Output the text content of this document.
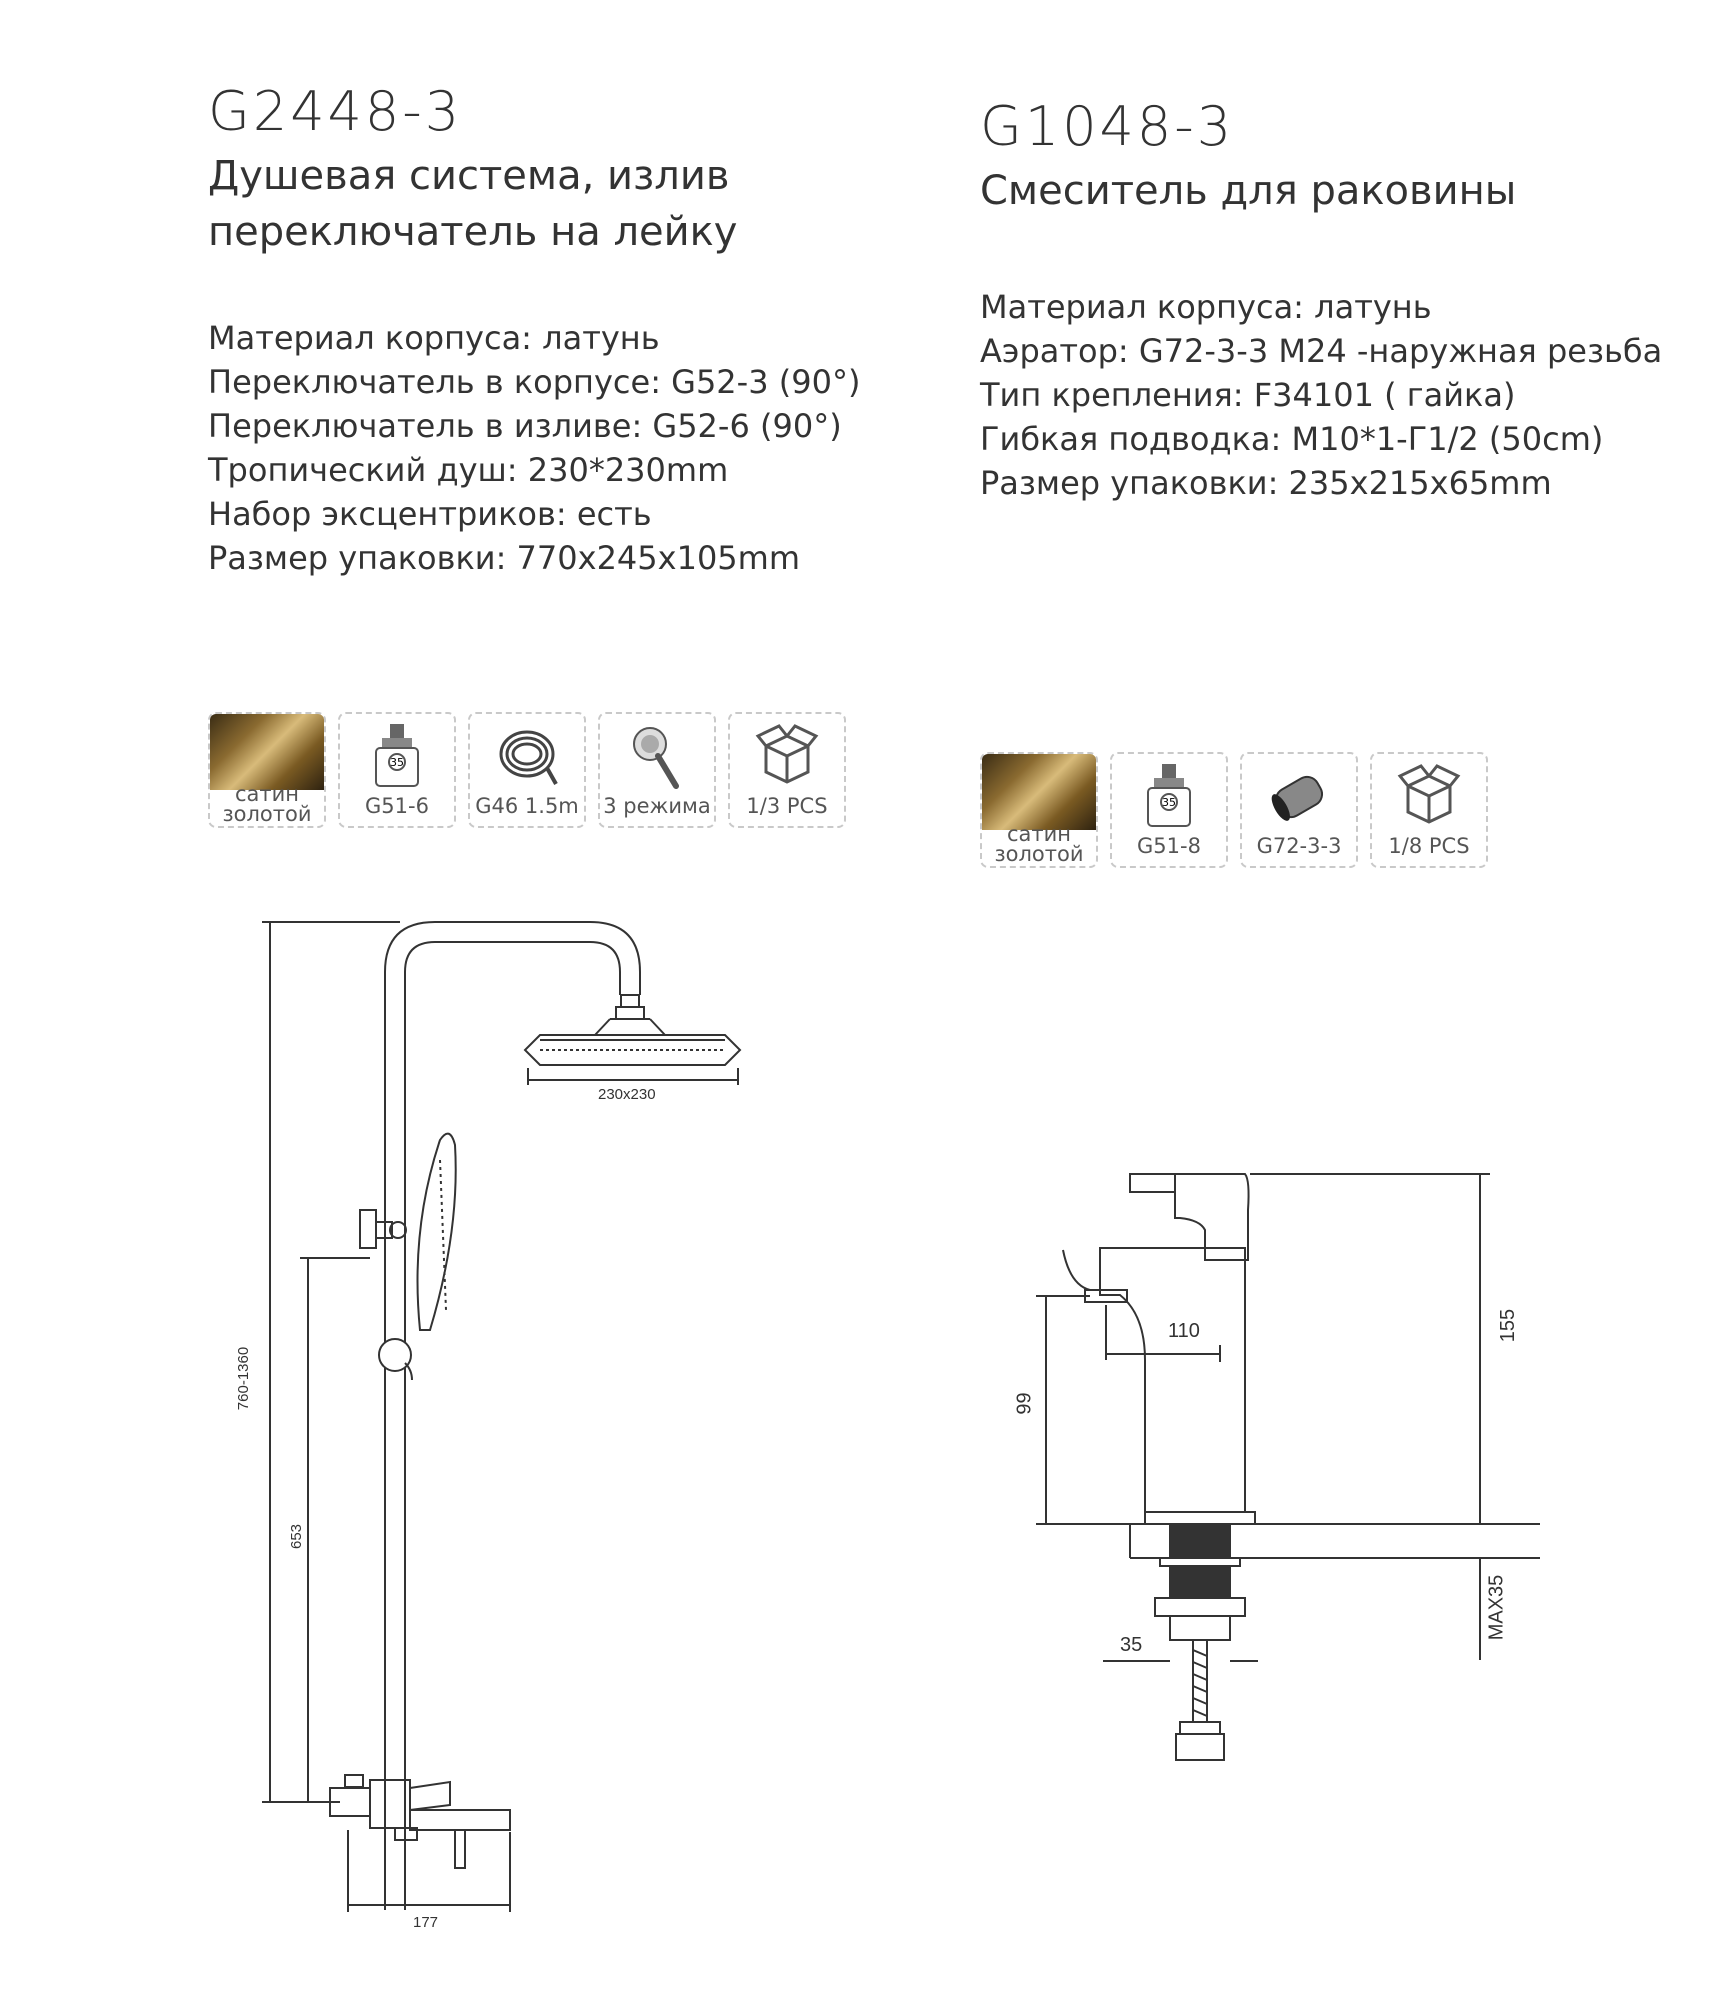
G2448-3
Душевая система, излив
переключатель на лейку
Материал корпуса: латунь
Переключатель в корпусе: G52-3 (90°)
Переключатель в изливе: G52-6 (90°)
Тропический душ: 230*230mm
Набор эксцентриков: есть
Размер упаковки: 770x245x105mm
G1048-3
Смеситель для раковины
Материал корпуса: латунь
Аэратор: G72-3-3 M24 -наружная резьба
Тип крепления: F34101 ( гайка)
Гибкая подводка: M10*1-Г1/2 (50cm)
Размер упаковки: 235x215x65mm
сатин золотой
35
G51-6	G46 1.5m 3 режима	1/3 PCS
сатин золотой
35
G51-8	G72-3-3	1/8 PCS
230x230
760-1360
653
177
110
99
155
MAX35
35
